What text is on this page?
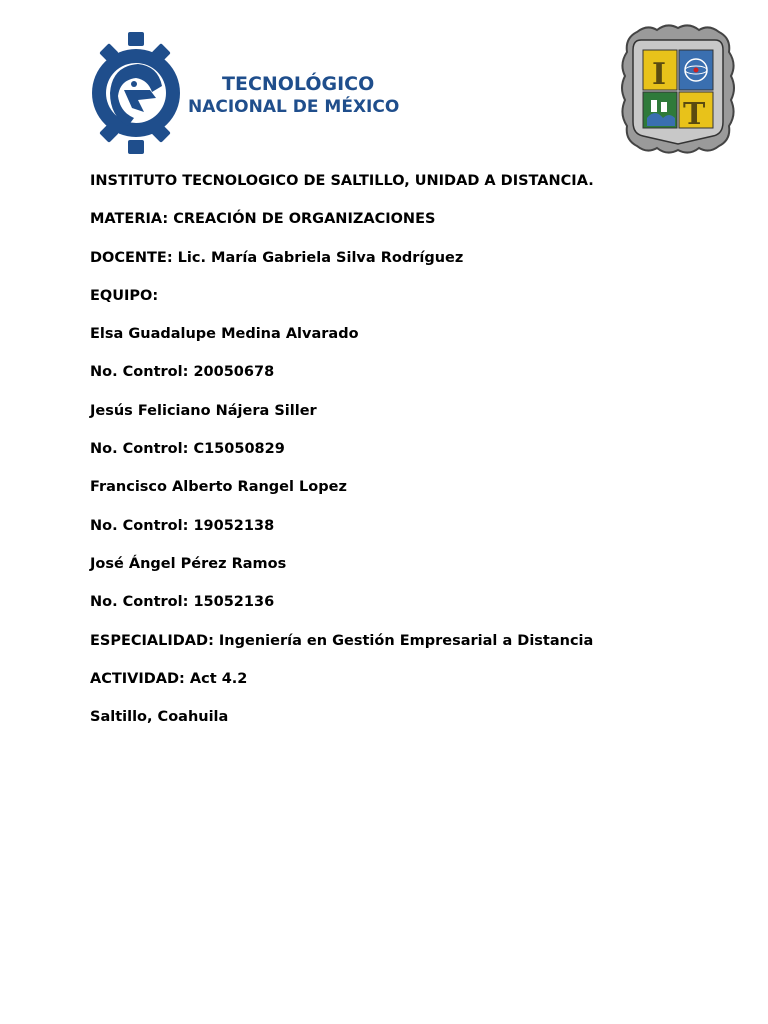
TECNOLÓGICO
NACIONAL DE MÉXICO
I
T
INSTITUTO TECNOLOGICO DE SALTILLO, UNIDAD A DISTANCIA.
MATERIA: CREACIÓN DE ORGANIZACIONES
DOCENTE: Lic. María Gabriela Silva Rodríguez
EQUIPO:
Elsa Guadalupe Medina Alvarado
No. Control: 20050678
Jesús Feliciano Nájera Siller
No. Control: C15050829
Francisco Alberto Rangel Lopez
No. Control: 19052138
José Ángel Pérez Ramos
No. Control: 15052136
ESPECIALIDAD: Ingeniería en Gestión Empresarial a Distancia
ACTIVIDAD: Act 4.2
Saltillo, Coahuila
